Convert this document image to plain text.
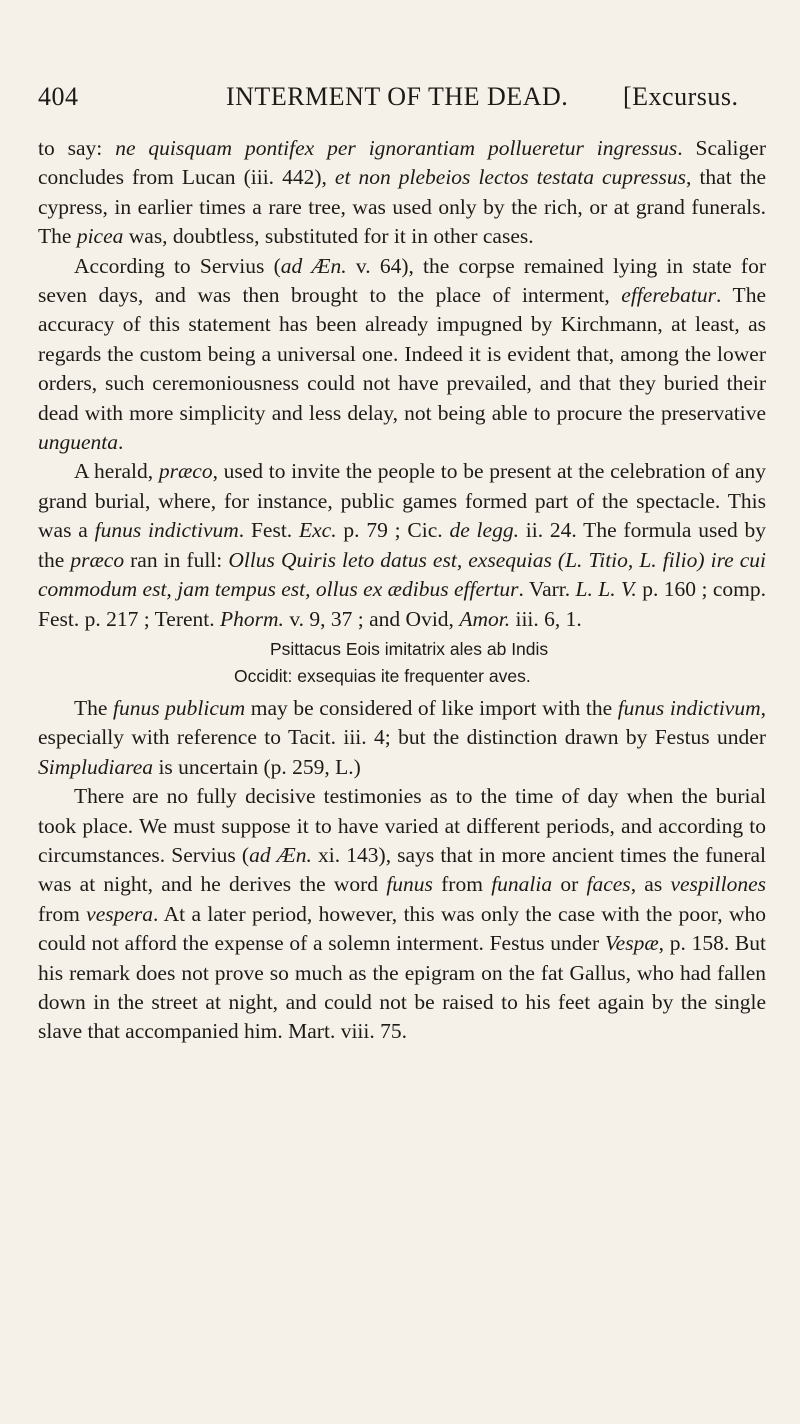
404	INTERMENT OF THE DEAD. [Excursus.

to say: ne quisquam pontifex per ignorantiam pollueretur ingressus. Scaliger concludes from Lucan (iii. 442), et non plebeios lectos testata cupressus, that the cypress, in earlier times a rare tree, was used only by the rich, or at grand funerals. The picea was, doubtless, substituted for it in other cases.

According to Servius (ad Æn. v. 64), the corpse remained lying in state for seven days, and was then brought to the place of interment, efferebatur. The accuracy of this statement has been already impugned by Kirchmann, at least, as regards the custom being a universal one. Indeed it is evident that, among the lower orders, such ceremoniousness could not have prevailed, and that they buried their dead with more simplicity and less delay, not being able to procure the preservative unguenta.

A herald, præco, used to invite the people to be present at the celebration of any grand burial, where, for instance, public games formed part of the spectacle. This was a funus indictivum. Fest. Exc. p. 79 ; Cic. de legg. ii. 24. The formula used by the præco ran in full: Ollus Quiris leto datus est, exsequias (L. Titio, L. filio) ire cui commodum est, jam tempus est, ollus ex ædibus effertur. Varr. L. L. V. p. 160 ; comp. Fest. p. 217 ; Terent. Phorm. v. 9, 37 ; and Ovid, Amor. iii. 6, 1.

Psittacus Eois imitatrix ales ab Indis
Occidit: exsequias ite frequenter aves.

The funus publicum may be considered of like import with the funus indictivum, especially with reference to Tacit. iii. 4; but the distinction drawn by Festus under Simpludiarea is uncertain (p. 259, L.)

There are no fully decisive testimonies as to the time of day when the burial took place. We must suppose it to have varied at different periods, and according to circumstances. Servius (ad Æn. xi. 143), says that in more ancient times the funeral was at night, and he derives the word funus from funalia or faces, as vespillones from vespera. At a later period, however, this was only the case with the poor, who could not afford the expense of a solemn interment. Festus under Vespæ, p. 158. But his remark does not prove so much as the epigram on the fat Gallus, who had fallen down in the street at night, and could not be raised to his feet again by the single slave that accompanied him. Mart. viii. 75.
